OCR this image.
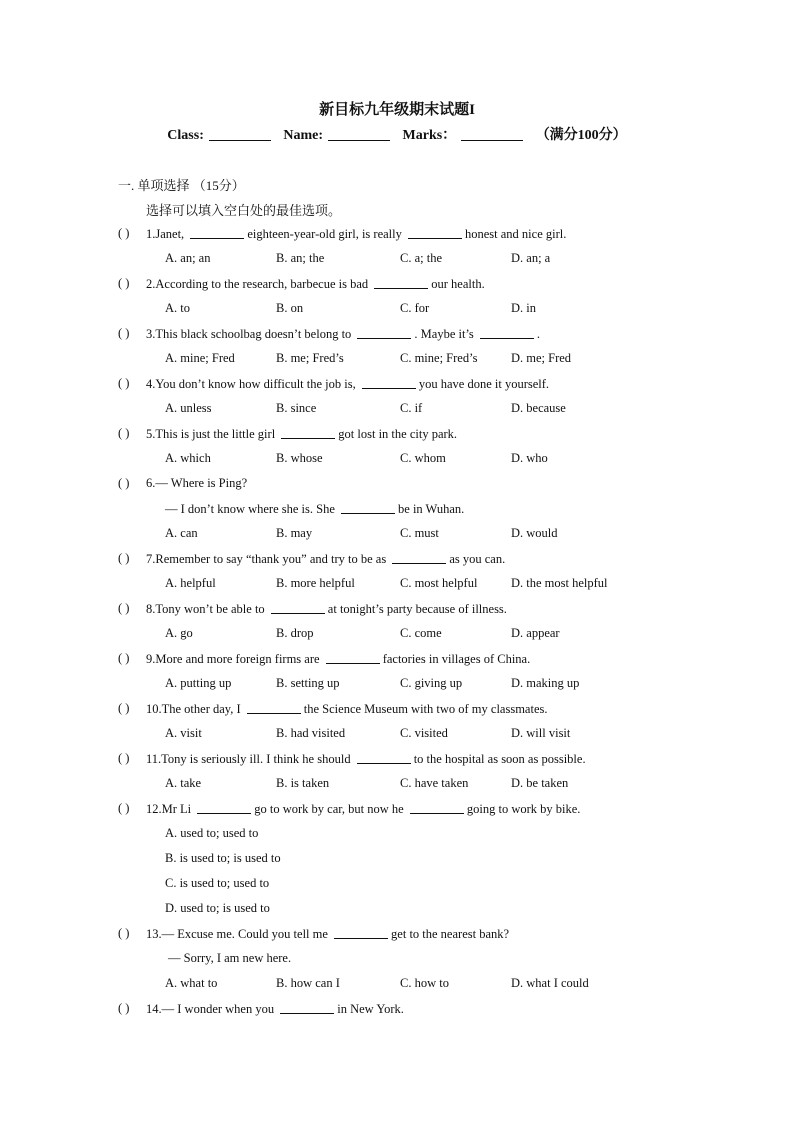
新目标九年级期末试题I
Class:	Name:	Marks：	（满分100分）
一. 单项选择 （15分）
选择可以填入空白处的最佳选项。
( ) 1.Janet,	eighteen-year-old girl, is really	honest and nice girl.
A. an; an	B. an; the	C. a; the	D. an; a
( ) 2.According to the research, barbecue is bad	our health.
A. to	B. on	C. for	D. in
( ) 3.This black schoolbag doesn’t belong to	. Maybe it’s	.
A. mine; Fred	B. me; Fred’s	C. mine; Fred’s	D. me; Fred
( ) 4.You don’t know how difficult the job is,	you have done it yourself.
A. unless	B. since	C. if	D. because
( ) 5.This is just the little girl	got lost in the city park.
A. which	B. whose	C. whom	D. who
( ) 6.— Where is Ping?
— I don’t know where she is. She	be in Wuhan.
A. can	B. may	C. must	D. would
( ) 7.Remember to say “thank you” and try to be as	as you can.
A. helpful	B. more helpful	C. most helpful	D. the most helpful
( ) 8.Tony won’t be able to	at tonight’s party because of illness.
A. go	B. drop	C. come	D. appear
( ) 9.More and more foreign firms are	factories in villages of China.
A. putting up	B. setting up	C. giving up	D. making up
( ) 10.The other day, I	the Science Museum with two of my classmates.
A. visit	B. had visited	C. visited	D. will visit
( ) 11.Tony is seriously ill. I think he should	to the hospital as soon as possible.
A. take	B. is taken	C. have taken	D. be taken
( ) 12.Mr Li	go to work by car, but now he	going to work by bike.
A. used to; used to
B. is used to; is used to
C. is used to; used to
D. used to; is used to
( ) 13.— Excuse me. Could you tell me	get to the nearest bank?
— Sorry, I am new here.
A. what to	B. how can I	C. how to	D. what I could
( ) 14.— I wonder when you	in New York.
